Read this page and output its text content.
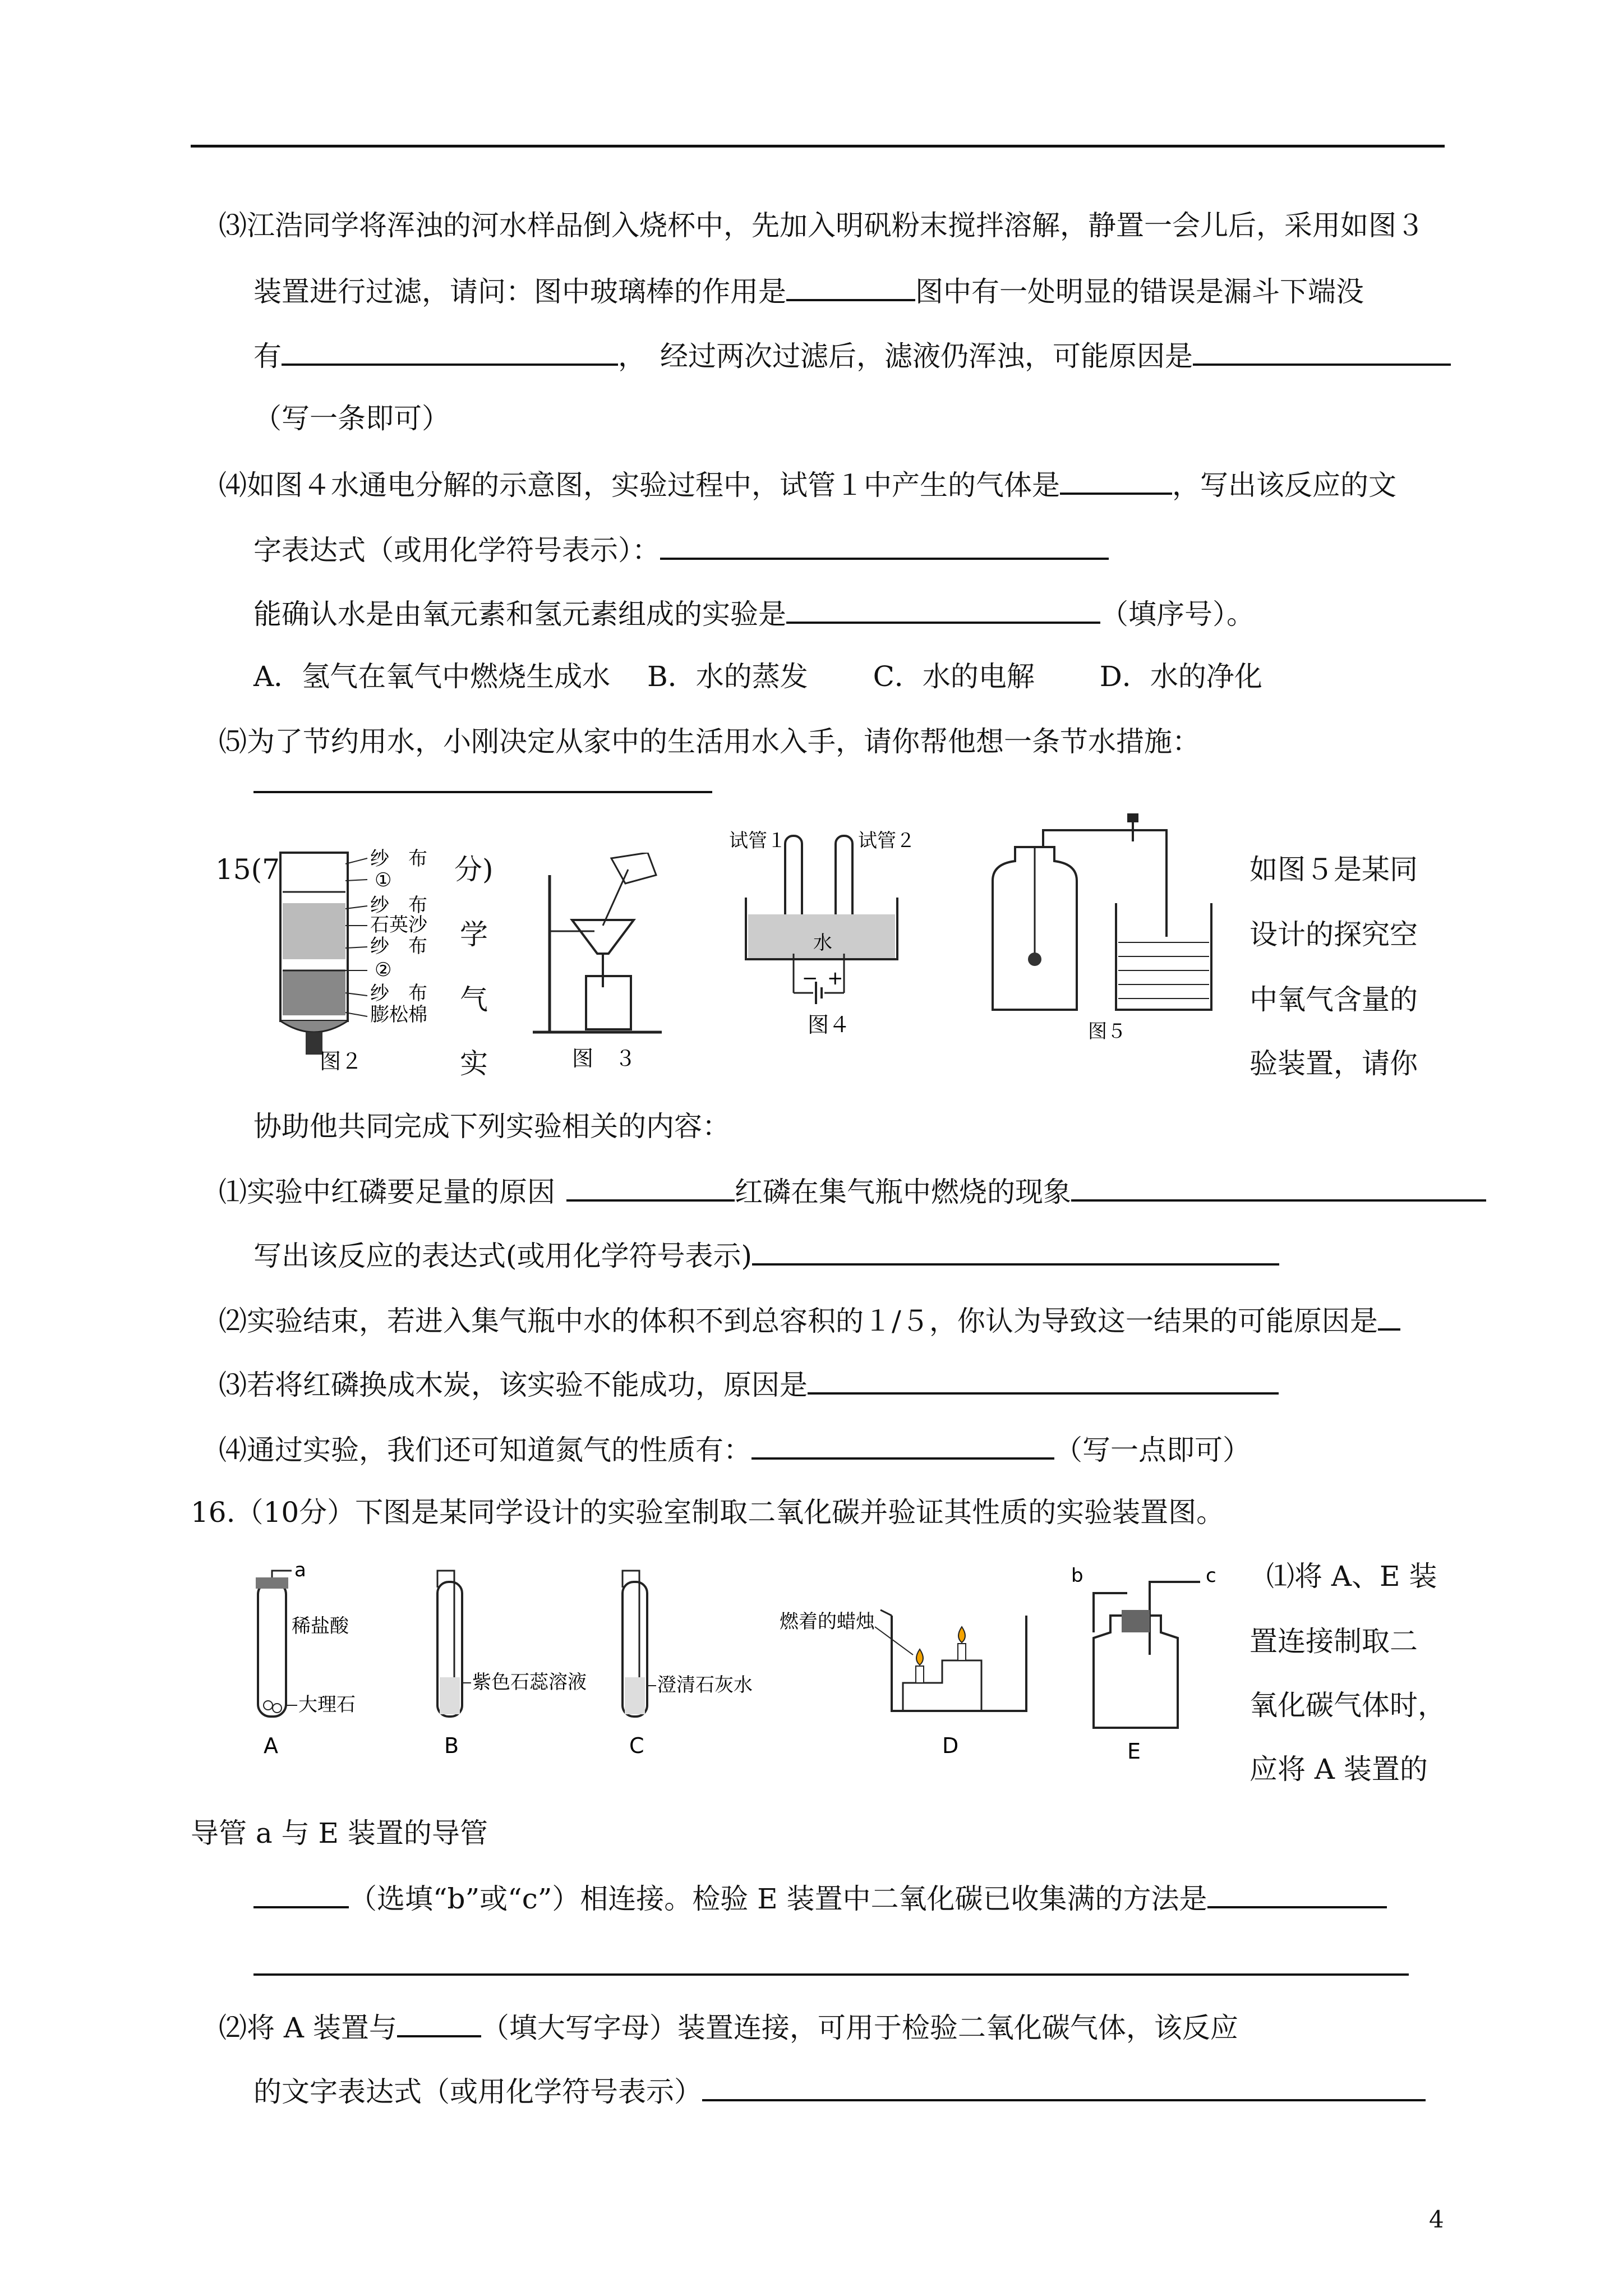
⑶江浩同学将浑浊的河水样品倒入烧杯中，先加入明矾粉末搅拌溶解，静置一会儿后，采用如图３
装置进行过滤，请问：图中玻璃棒的作用是	图中有一处明显的错误是漏斗下端没
有	，　经过两次过滤后，滤液仍浑浊，可能原因是
（写一条即可）
⑷如图４水通电分解的示意图，实验过程中，试管１中产生的气体是	，写出该反应的文
字表达式（或用化学符号表示）：
能确认水是由氧元素和氢元素组成的实验是	（填序号）。
A．氢气在氧气中燃烧生成水　 B．水的蒸发　 　C．水的电解　 　D．水的净化
⑸为了节约用水，小刚决定从家中的生活用水入手，请你帮他想一条节水措施：
15(7	分)
学
气
实
如图５是某同
设计的探究空
中氧气含量的
验装置，请你
纱　布
①
纱　布
石英沙
纱　布
②
纱　布
膨松棉
图２	图　３
试管１	试管２
水
− +
图４	图５
协助他共同完成下列实验相关的内容：
⑴实验中红磷要足量的原因	红磷在集气瓶中燃烧的现象
写出该反应的表达式(或用化学符号表示)
⑵实验结束，若进入集气瓶中水的体积不到总容积的１/５，你认为导致这一结果的可能原因是
⑶若将红磷换成木炭，该实验不能成功，原因是
⑷通过实验，我们还可知道氮气的性质有：	（写一点即可）
16.（10分）下图是某同学设计的实验室制取二氧化碳并验证其性质的实验装置图。
⑴将 A、E 装
置连接制取二
氧化碳气体时，
应将 A 装置的
a
稀盐酸
大理石
A
紫色石蕊溶液
B
澄清石灰水
C
燃着的蜡烛
D
b	c
E
导管 a 与 E 装置的导管
（选填“b”或“c”）相连接。检验 E 装置中二氧化碳已收集满的方法是
⑵将 A 装置与	（填大写字母）装置连接，可用于检验二氧化碳气体，该反应
的文字表达式（或用化学符号表示）
4
